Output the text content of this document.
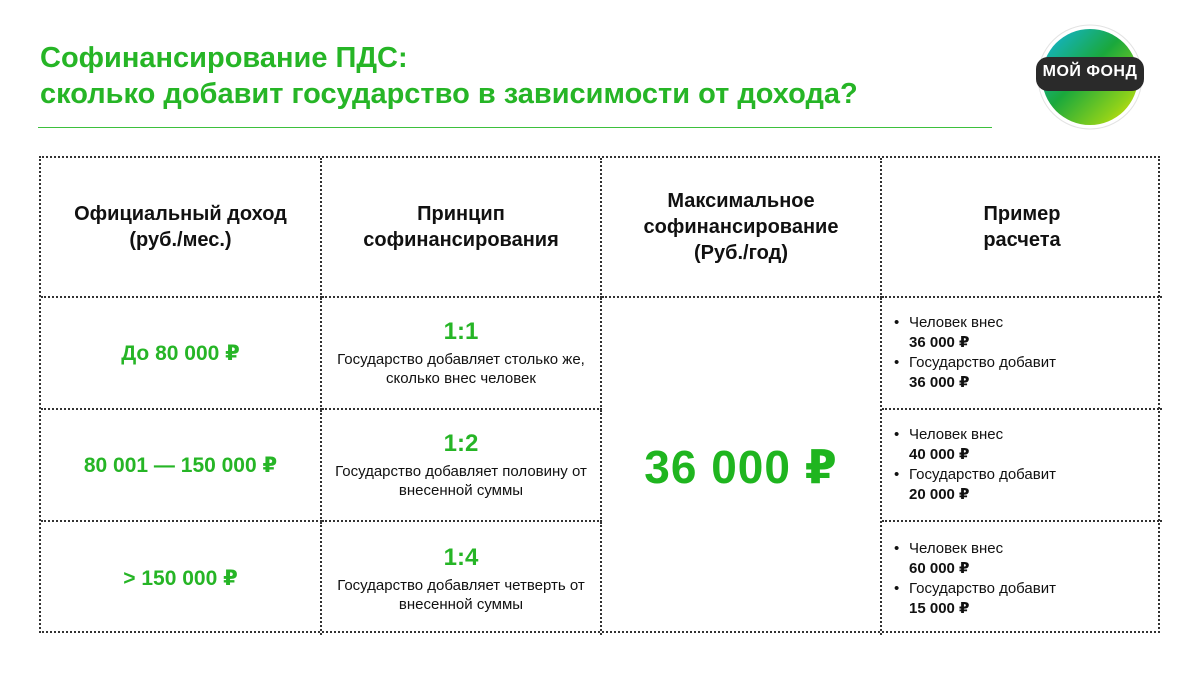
Софинансирование ПДС:
сколько добавит государство в зависимости от дохода?
МОЙ ФОНД
Официальный доход
(руб./мес.)
Принцип
софинансирования
Максимальное
софинансирование
(Руб./год)
Пример
расчета
До 80 000 ₽
1:1
Государство добавляет столько же, сколько внес человек
• Человек внес
36 000 ₽
• Государство добавит
36 000 ₽
80 001 — 150 000 ₽
1:2
Государство добавляет половину от внесенной суммы
• Человек внес
40 000 ₽
• Государство добавит
20 000 ₽
> 150 000 ₽
1:4
Государство добавляет четверть от внесенной суммы
• Человек внес
60 000 ₽
• Государство добавит
15 000 ₽
36 000 ₽
